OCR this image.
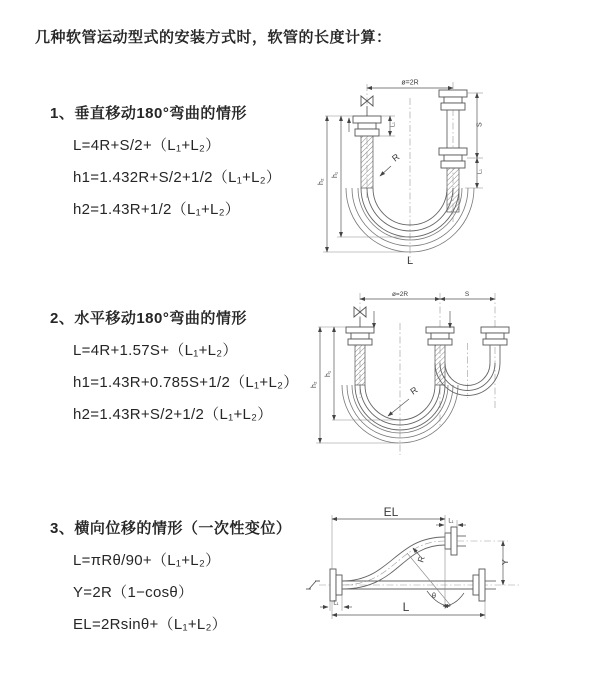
几种软管运动型式的安装方式时，软管的长度计算：
1、垂直移动180°弯曲的情形
L=4R+S/2+（L₁+L₂）
h1=1.432R+S/2+1/2（L₁+L₂）
h2=1.43R+1/2（L₁+L₂）
2、水平移动180°弯曲的情形
L=4R+1.57S+（L₁+L₂）
h1=1.43R+0.785S+1/2（L₁+L₂）
h2=1.43R+S/2+1/2（L₁+L₂）
3、横向位移的情形（一次性变位）
L=πRθ/90+（L₁+L₂）
Y=2R（1−cosθ）
EL=2Rsinθ+（L₁+L₂）
ø=2R
R
h₁
h₂
S
L₁
L₁
L
ø=2R	S
h₁
h₂
R
EL
L₁
Y
L
L₁
θ
R
